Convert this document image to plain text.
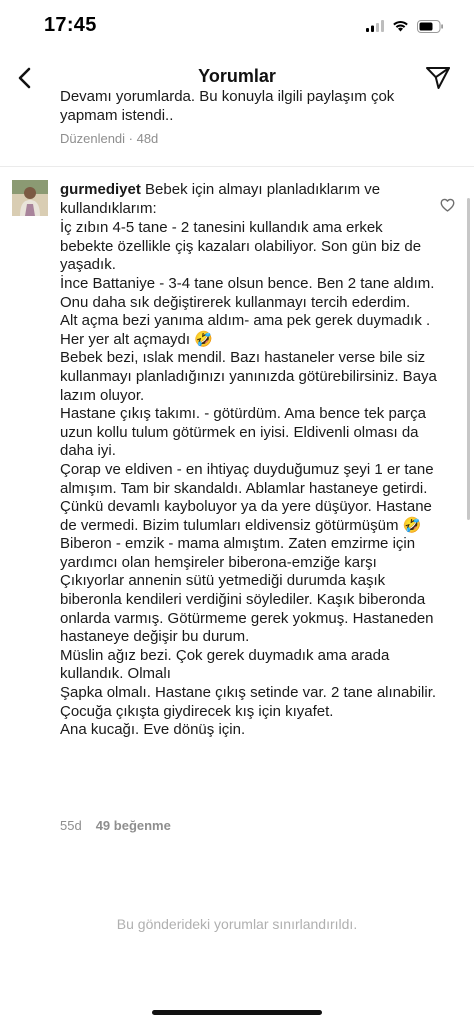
17:45
Yorumlar
Devamı yorumlarda. Bu konuyla ilgili paylaşım çok yapmam istendi..
Düzenlendi · 48d

gurmediyet Bebek için almayı planladıklarım ve kullandıklarım:

İç zıbın 4-5 tane - 2 tanesini kullandık ama erkek bebekte özellikle çiş kazaları olabiliyor. Son gün biz de yaşadık.

İnce Battaniye - 3-4 tane olsun bence. Ben 2 tane aldım. Onu daha sık değiştirerek kullanmayı tercih ederdim.

Alt açma bezi yanıma aldım- ama pek gerek duymadık . Her yer alt açmaydı 🤣

Bebek bezi, ıslak mendil. Bazı hastaneler verse bile siz kullanmayı planladığınızı yanınızda götürebilirsiniz. Baya lazım oluyor.

Hastane çıkış takımı. - götürdüm. Ama bence tek parça uzun kollu tulum götürmek en iyisi. Eldivenli olması da daha iyi.

Çorap ve eldiven - en ihtiyaç duyduğumuz şeyi 1 er tane almışım. Tam bir skandaldı. Ablamlar hastaneye getirdi. Çünkü devamlı kayboluyor ya da yere düşüyor. Hastane de vermedi. Bizim tulumları eldivensiz götürmüşüm 🤣

Biberon - emzik - mama almıştım. Zaten emzirme için yardımcı olan hemşireler biberona-emziğe karşı Çıkıyorlar annenin sütü yetmediği durumda kaşık biberonla kendileri verdiğini söylediler. Kaşık biberonda onlarda varmış. Götürmeme gerek yokmuş. Hastaneden hastaneye değişir bu durum.

Müslin ağız bezi. Çok gerek duymadık ama arada kullandık. Olmalı

Şapka olmalı. Hastane çıkış setinde var. 2 tane alınabilir.

Çocuğa çıkışta giydirecek kış için kıyafet.

Ana kucağı. Eve dönüş için.

55d 49 beğenme
Bu gönderideki yorumlar sınırlandırıldı.
